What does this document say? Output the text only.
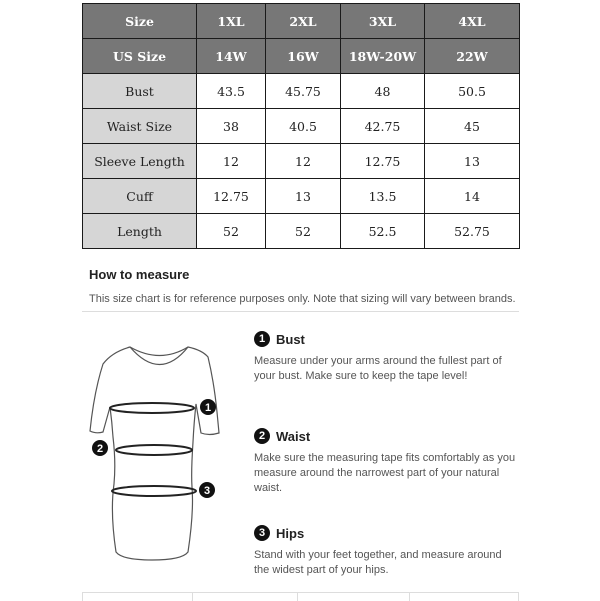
Size	1XL	2XL	3XL	4XL
US Size	14W	16W	18W-20W	22W
Bust	43.5	45.75	48	50.5
Waist Size	38	40.5	42.75	45
Sleeve Length	12	12	12.75	13
Cuff	12.75	13	13.5	14
Length	52	52	52.5	52.75
How to measure

This size chart is for reference purposes only. Note that sizing will vary between brands.

1
2
3
1 Bust

Measure under your arms around the fullest part of your bust. Make sure to keep the tape level!

2 Waist

Make sure the measuring tape fits comfortably as you measure around the narrowest part of your natural waist.

3 Hips

Stand with your feet together, and measure around the widest part of your hips.
